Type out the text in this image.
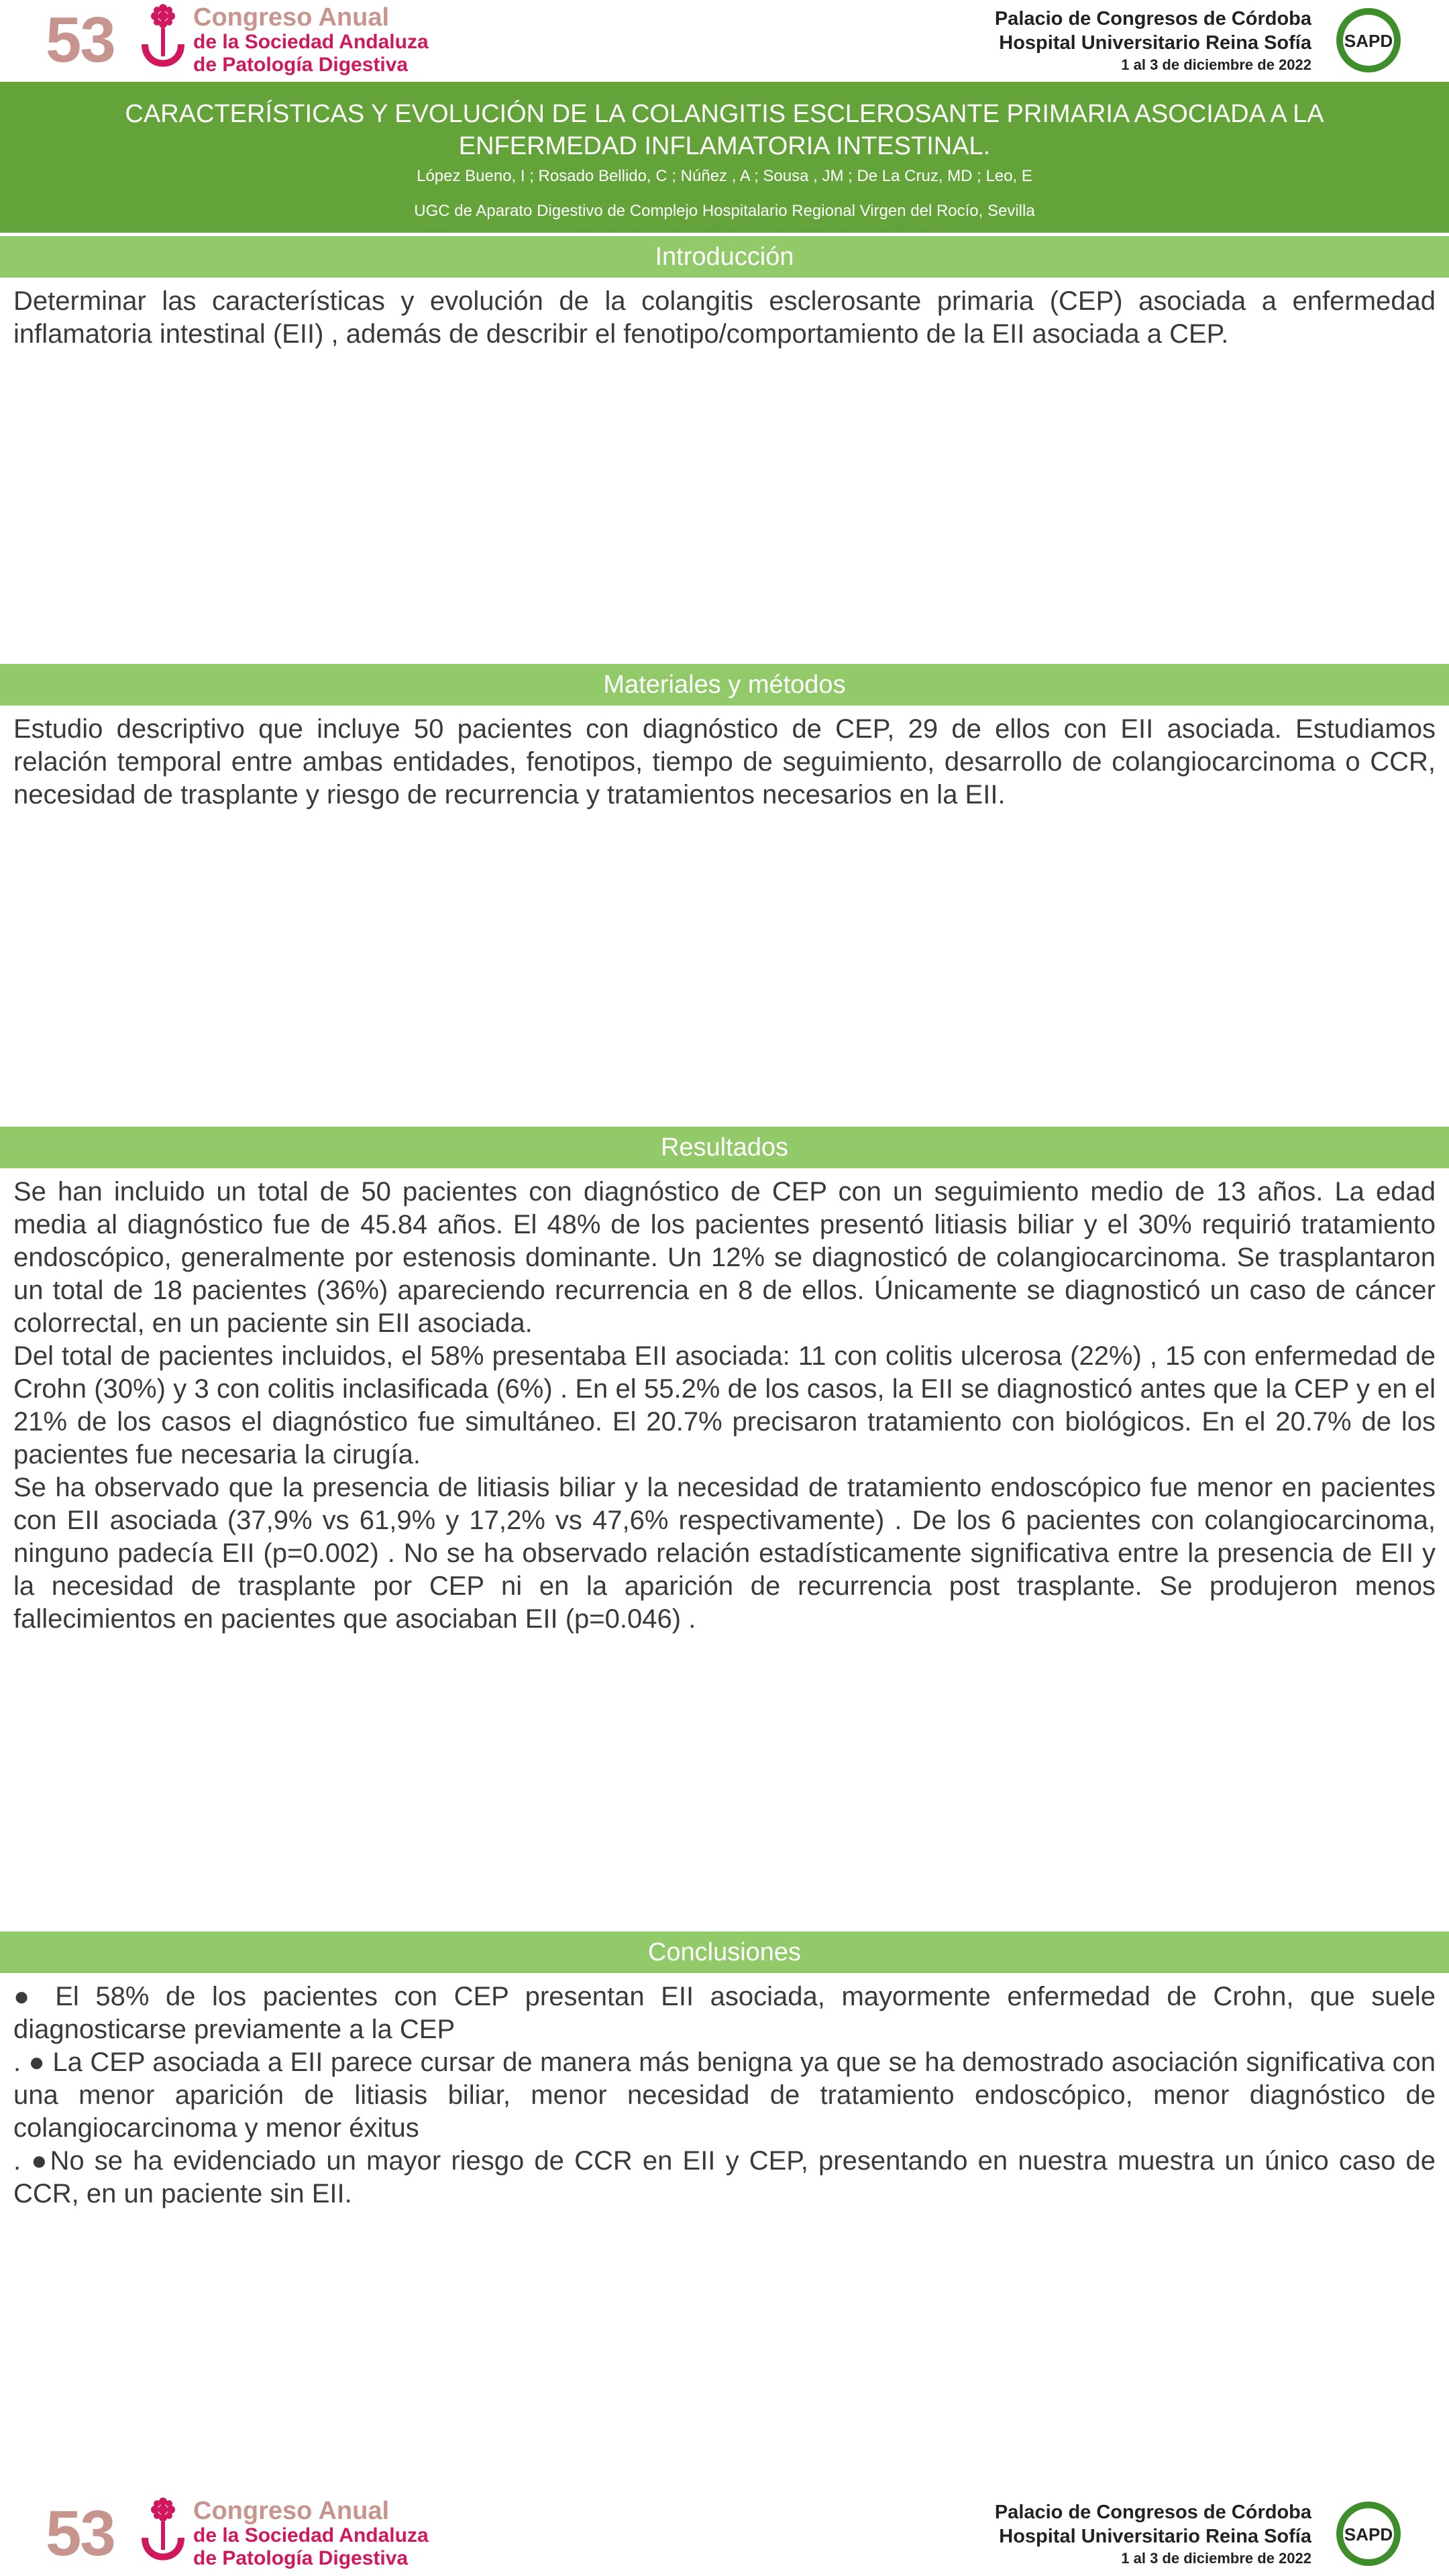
53	Congreso Anual
de la Sociedad Andaluza
de Patología Digestiva
Palacio de Congresos de Córdoba
Hospital Universitario Reina Sofía
1 al 3 de diciembre de 2022
SAPD
CARACTERÍSTICAS Y EVOLUCIÓN DE LA COLANGITIS ESCLEROSANTE PRIMARIA ASOCIADA A LA ENFERMEDAD INFLAMATORIA INTESTINAL.
López Bueno, I ; Rosado Bellido, C ; Núñez , A ; Sousa , JM ; De La Cruz, MD ; Leo, E
UGC de Aparato Digestivo de Complejo Hospitalario Regional Virgen del Rocío, Sevilla
Introducción

Determinar las características y evolución de la colangitis esclerosante primaria (CEP) asociada a enfermedad inflamatoria intestinal (EII) , además de describir el fenotipo/comportamiento de la EII asociada a CEP.

Materiales y métodos

Estudio descriptivo que incluye 50 pacientes con diagnóstico de CEP, 29 de ellos con EII asociada. Estudiamos relación temporal entre ambas entidades, fenotipos, tiempo de seguimiento, desarrollo de colangiocarcinoma o CCR, necesidad de trasplante y riesgo de recurrencia y tratamientos necesarios en la EII.

Resultados

Se han incluido un total de 50 pacientes con diagnóstico de CEP con un seguimiento medio de 13 años. La edad media al diagnóstico fue de 45.84 años. El 48% de los pacientes presentó litiasis biliar y el 30% requirió tratamiento endoscópico, generalmente por estenosis dominante. Un 12% se diagnosticó de colangiocarcinoma. Se trasplantaron un total de 18 pacientes (36%) apareciendo recurrencia en 8 de ellos. Únicamente se diagnosticó un caso de cáncer colorrectal, en un paciente sin EII asociada.

Del total de pacientes incluidos, el 58% presentaba EII asociada: 11 con colitis ulcerosa (22%) , 15 con enfermedad de Crohn (30%) y 3 con colitis inclasificada (6%) . En el 55.2% de los casos, la EII se diagnosticó antes que la CEP y en el 21% de los casos el diagnóstico fue simultáneo. El 20.7% precisaron tratamiento con biológicos. En el 20.7% de los pacientes fue necesaria la cirugía.

Se ha observado que la presencia de litiasis biliar y la necesidad de tratamiento endoscópico fue menor en pacientes con EII asociada (37,9% vs 61,9% y 17,2% vs 47,6% respectivamente) . De los 6 pacientes con colangiocarcinoma, ninguno padecía EII (p=0.002) . No se ha observado relación estadísticamente significativa entre la presencia de EII y la necesidad de trasplante por CEP ni en la aparición de recurrencia post trasplante. Se produjeron menos fallecimientos en pacientes que asociaban EII (p=0.046) .

Conclusiones

● El 58% de los pacientes con CEP presentan EII asociada, mayormente enfermedad de Crohn, que suele diagnosticarse previamente a la CEP

. ● La CEP asociada a EII parece cursar de manera más benigna ya que se ha demostrado asociación significativa con una menor aparición de litiasis biliar, menor necesidad de tratamiento endoscópico, menor diagnóstico de colangiocarcinoma y menor éxitus

. ●No se ha evidenciado un mayor riesgo de CCR en EII y CEP, presentando en nuestra muestra un único caso de CCR, en un paciente sin EII.

53	Congreso Anual
de la Sociedad Andaluza
de Patología Digestiva
Palacio de Congresos de Córdoba
Hospital Universitario Reina Sofía
1 al 3 de diciembre de 2022
SAPD
